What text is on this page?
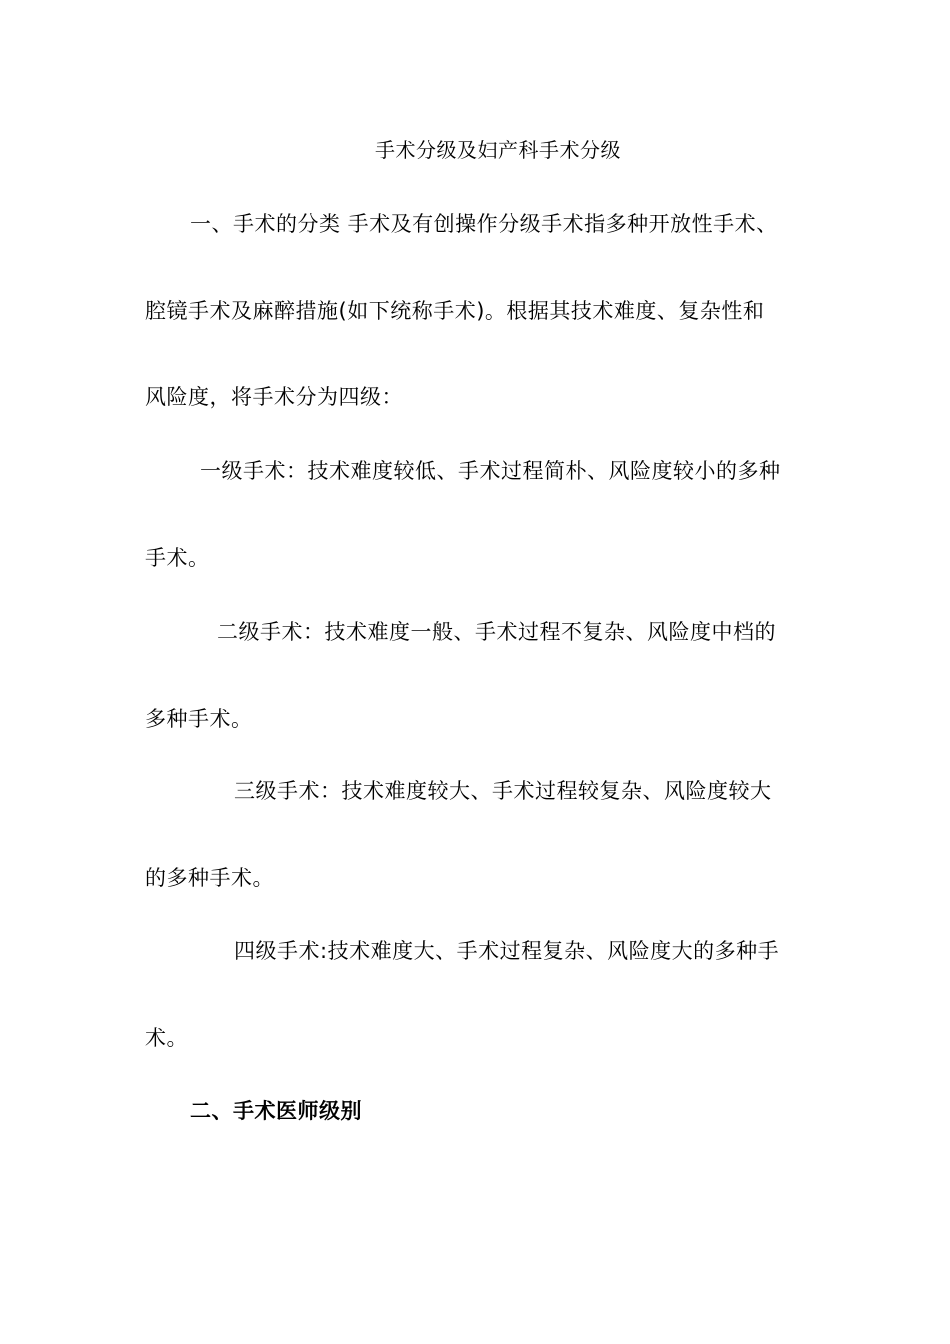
手术分级及妇产科手术分级
一、手术的分类 手术及有创操作分级手术指多种开放性手术、
腔镜手术及麻醉措施(如下统称手术)。根据其技术难度、复杂性和
风险度，将手术分为四级：
一级手术：技术难度较低、手术过程简朴、风险度较小的多种
手术。
二级手术：技术难度一般、手术过程不复杂、风险度中档的
多种手术。
三级手术：技术难度较大、手术过程较复杂、风险度较大
的多种手术。
四级手术:技术难度大、手术过程复杂、风险度大的多种手
术。
二、手术医师级别
